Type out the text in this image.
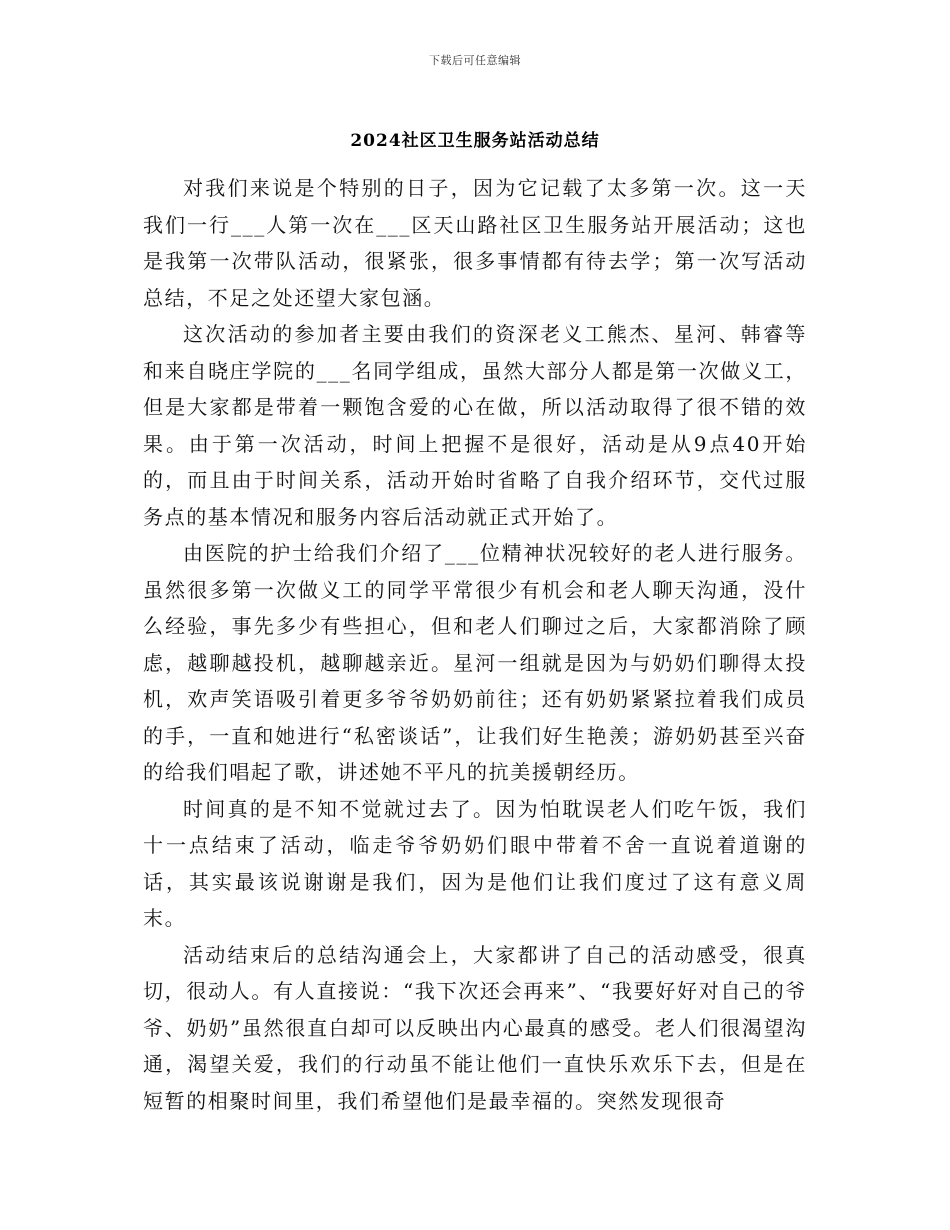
下载后可任意编辑
2024社区卫生服务站活动总结

对我们来说是个特别的日子，因为它记载了太多第一次。这一天我们一行___人第一次在___区天山路社区卫生服务站开展活动；这也是我第一次带队活动，很紧张，很多事情都有待去学；第一次写活动总结，不足之处还望大家包涵。

这次活动的参加者主要由我们的资深老义工熊杰、星河、韩睿等和来自晓庄学院的___名同学组成，虽然大部分人都是第一次做义工，但是大家都是带着一颗饱含爱的心在做，所以活动取得了很不错的效果。由于第一次活动，时间上把握不是很好，活动是从9点40开始的，而且由于时间关系，活动开始时省略了自我介绍环节，交代过服务点的基本情况和服务内容后活动就正式开始了。

由医院的护士给我们介绍了___位精神状况较好的老人进行服务。虽然很多第一次做义工的同学平常很少有机会和老人聊天沟通，没什么经验，事先多少有些担心，但和老人们聊过之后，大家都消除了顾虑，越聊越投机，越聊越亲近。星河一组就是因为与奶奶们聊得太投机，欢声笑语吸引着更多爷爷奶奶前往；还有奶奶紧紧拉着我们成员的手，一直和她进行“私密谈话”，让我们好生艳羡；游奶奶甚至兴奋的给我们唱起了歌，讲述她不平凡的抗美援朝经历。

时间真的是不知不觉就过去了。因为怕耽误老人们吃午饭，我们十一点结束了活动，临走爷爷奶奶们眼中带着不舍一直说着道谢的话，其实最该说谢谢是我们，因为是他们让我们度过了这有意义周末。

活动结束后的总结沟通会上，大家都讲了自己的活动感受，很真切，很动人。有人直接说：“我下次还会再来”、“我要好好对自己的爷爷、奶奶”虽然很直白却可以反映出内心最真的感受。老人们很渴望沟通，渴望关爱，我们的行动虽不能让他们一直快乐欢乐下去，但是在短暂的相聚时间里，我们希望他们是最幸福的。突然发现很奇
